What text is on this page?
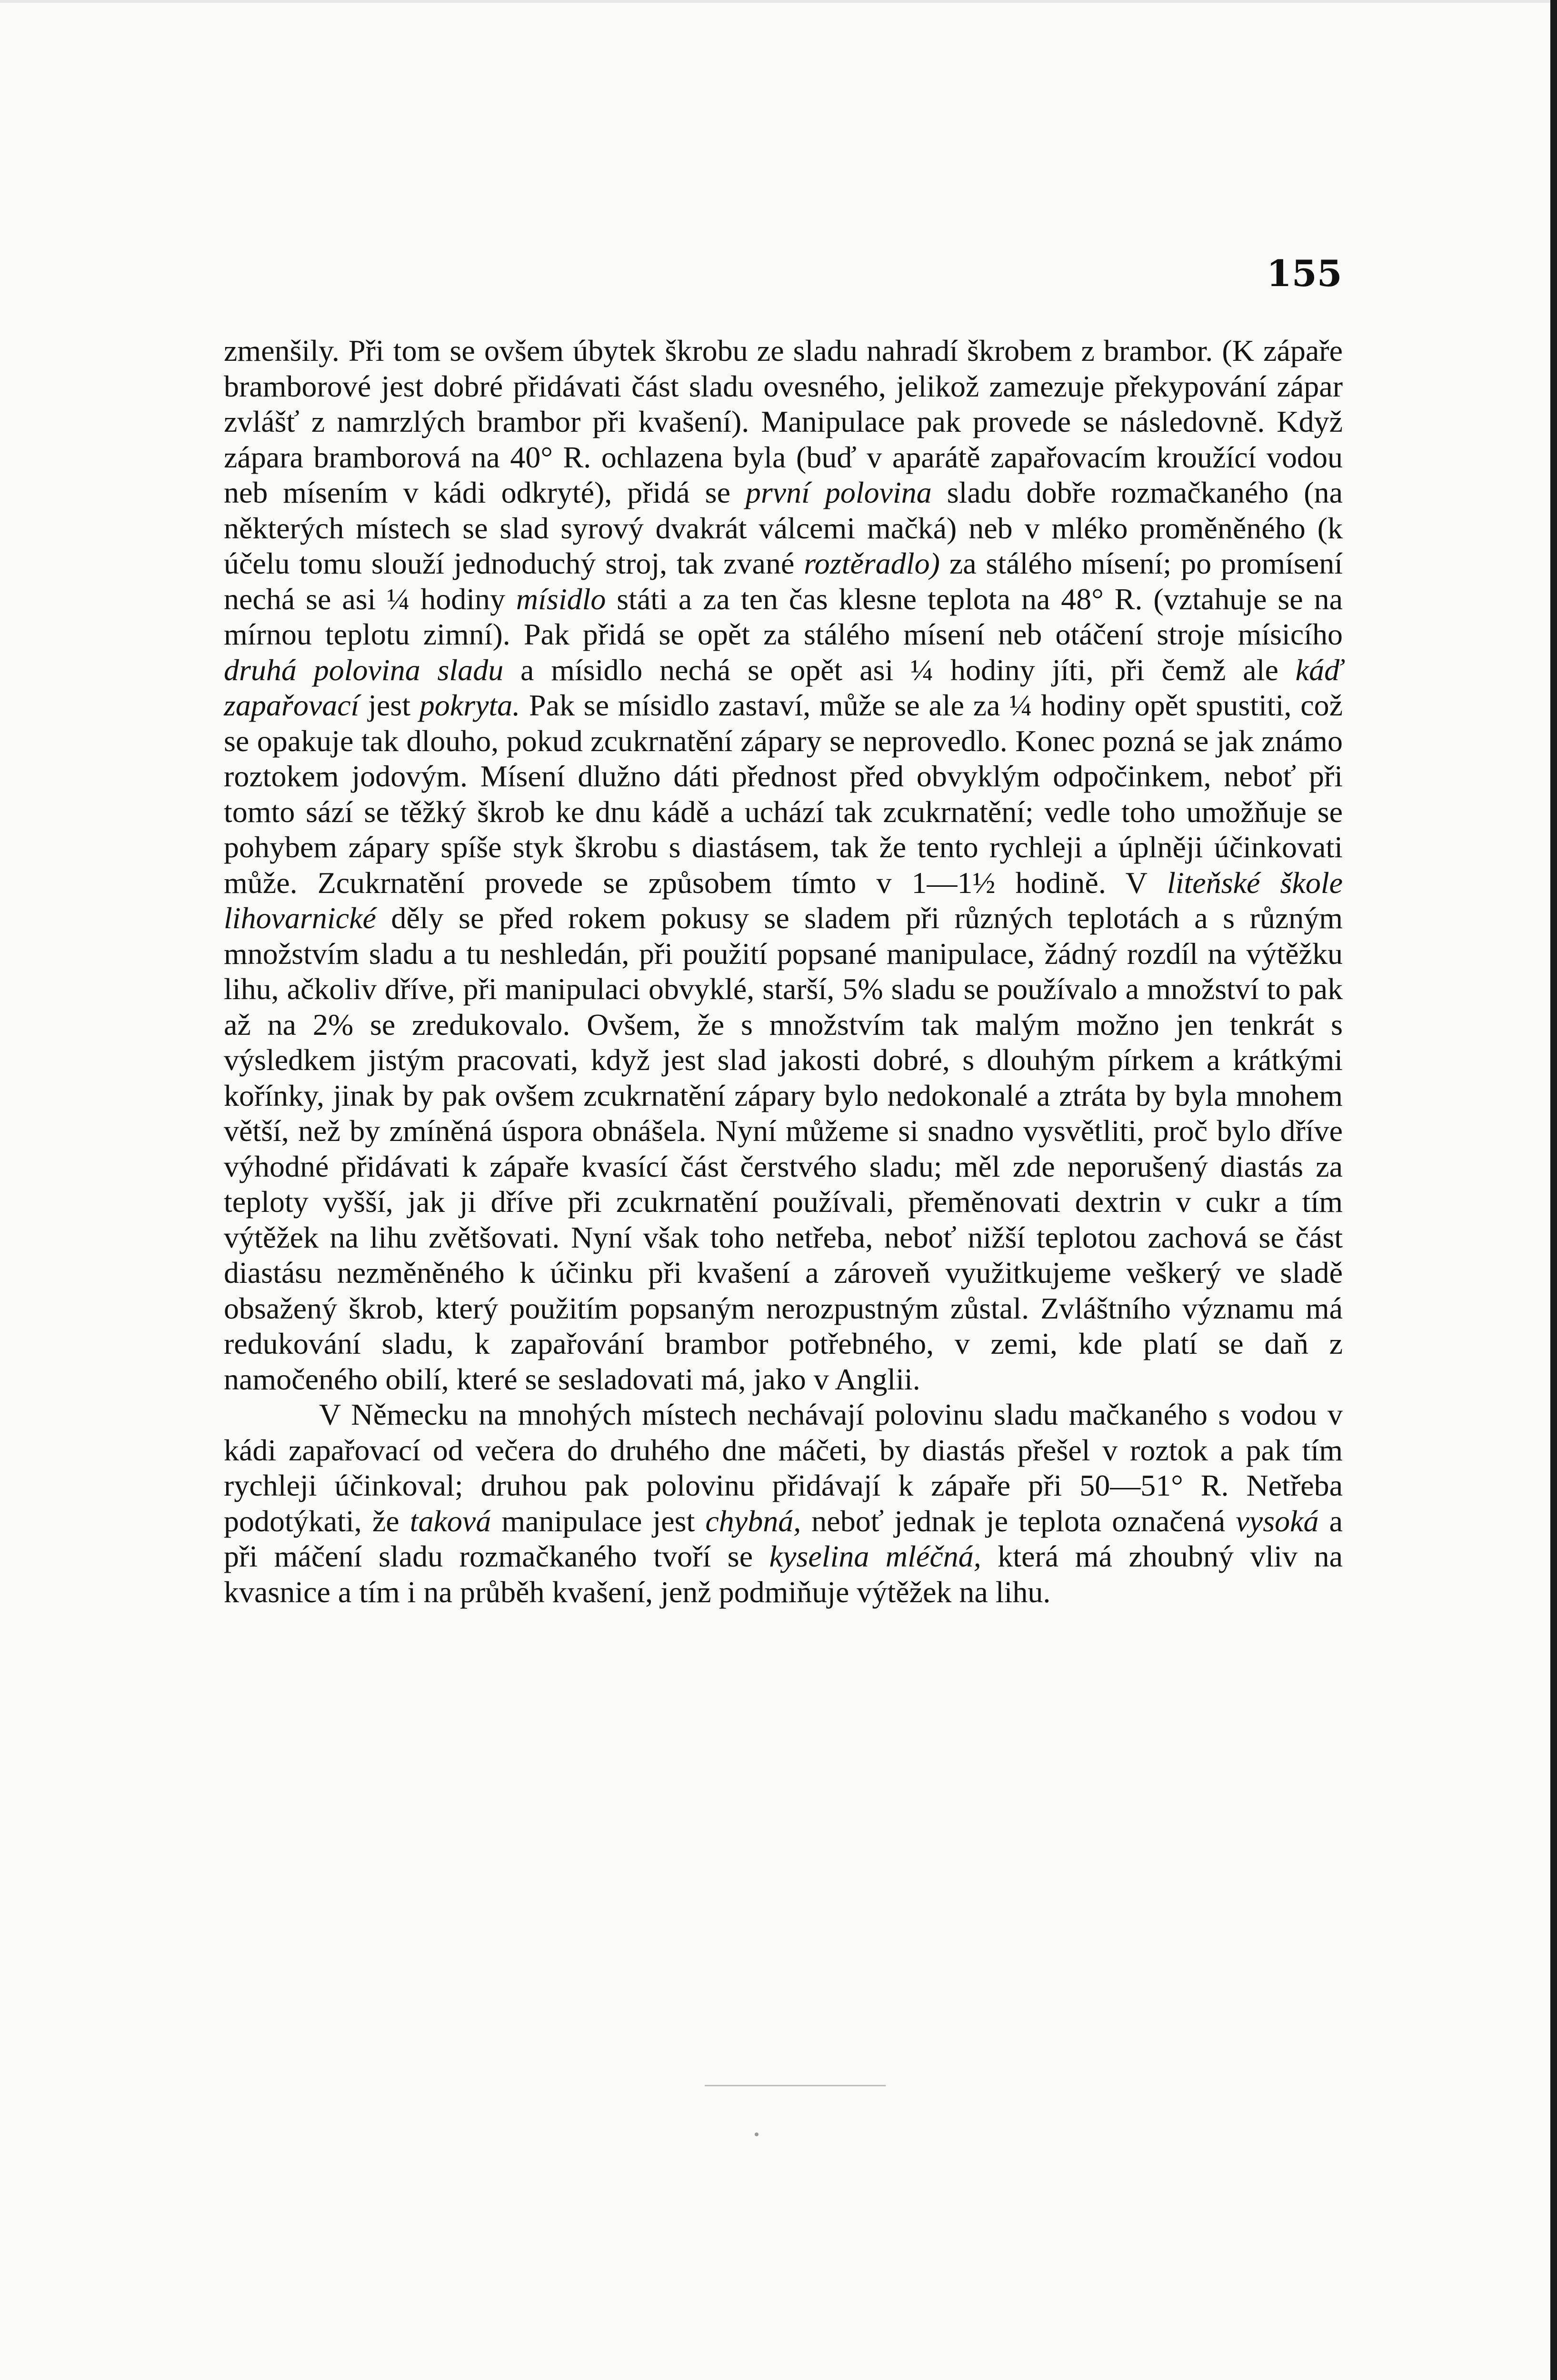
155

zmenšily. Při tom se ovšem úbytek škrobu ze sladu nahradí škrobem z brambor. (K zápaře bramborové jest dobré přidávati část sladu ovesného, jelikož zamezuje překypování zápar zvlášť z namrzlých brambor při kvašení). Manipulace pak provede se následovně. Když zápara bramborová na 40° R. ochlazena byla (buď v aparátě zapařovacím kroužící vodou neb mísením v kádi odkryté), přidá se první polovina sladu dobře rozmačkaného (na některých místech se slad syrový dvakrát válcemi mačká) neb v mléko proměněného (k účelu tomu slouží jednoduchý stroj, tak zvané roztěradlo) za stálého mísení; po promísení nechá se asi ¼ hodiny mísidlo státi a za ten čas klesne teplota na 48° R. (vztahuje se na mírnou teplotu zimní). Pak přidá se opět za stálého mísení neb otáčení stroje mísicího druhá polovina sladu a mísidlo nechá se opět asi ¼ hodiny jíti, při čemž ale káď zapařovací jest pokryta. Pak se mísidlo zastaví, může se ale za ¼ hodiny opět spustiti, což se opakuje tak dlouho, pokud zcukrnatění zápary se neprovedlo. Konec pozná se jak známo roztokem jodovým. Mísení dlužno dáti přednost před obvyklým odpočinkem, neboť při tomto sází se těžký škrob ke dnu kádě a uchází tak zcukrnatění; vedle toho umožňuje se pohybem zápary spíše styk škrobu s diastásem, tak že tento rychleji a úplněji účinkovati může. Zcukrnatění provede se způsobem tímto v 1—1½ hodině. V liteňské škole lihovarnické děly se před rokem pokusy se sladem při různých teplotách a s různým množstvím sladu a tu neshledán, při použití popsané manipulace, žádný rozdíl na výtěžku lihu, ačkoliv dříve, při manipulaci obvyklé, starší, 5% sladu se používalo a množství to pak až na 2% se zredukovalo. Ovšem, že s množstvím tak malým možno jen tenkrát s výsledkem jistým pracovati, když jest slad jakosti dobré, s dlouhým pírkem a krátkými kořínky, jinak by pak ovšem zcukrnatění zápary bylo nedokonalé a ztráta by byla mnohem větší, než by zmíněná úspora obnášela. Nyní můžeme si snadno vysvětliti, proč bylo dříve výhodné přidávati k zápaře kvasící část čerstvého sladu; měl zde neporušený diastás za teploty vyšší, jak ji dříve při zcukrnatění používali, přeměnovati dextrin v cukr a tím výtěžek na lihu zvětšovati. Nyní však toho netřeba, neboť nižší teplotou zachová se část diastásu nezměněného k účinku při kvašení a zároveň využitkujeme veškerý ve sladě obsažený škrob, který použitím popsaným nerozpustným zůstal. Zvláštního významu má redukování sladu, k zapařování brambor potřebného, v zemi, kde platí se daň z namočeného obilí, které se sesladovati má, jako v Anglii.

V Německu na mnohých místech nechávají polovinu sladu mačkaného s vodou v kádi zapařovací od večera do druhého dne máčeti, by diastás přešel v roztok a pak tím rychleji účinkoval; druhou pak polovinu přidávají k zápaře při 50—51° R. Netřeba podotýkati, že taková manipulace jest chybná, neboť jednak je teplota označená vysoká a při máčení sladu rozmačkaného tvoří se kyselina mléčná, která má zhoubný vliv na kvasnice a tím i na průběh kvašení, jenž podmiňuje výtěžek na lihu.
